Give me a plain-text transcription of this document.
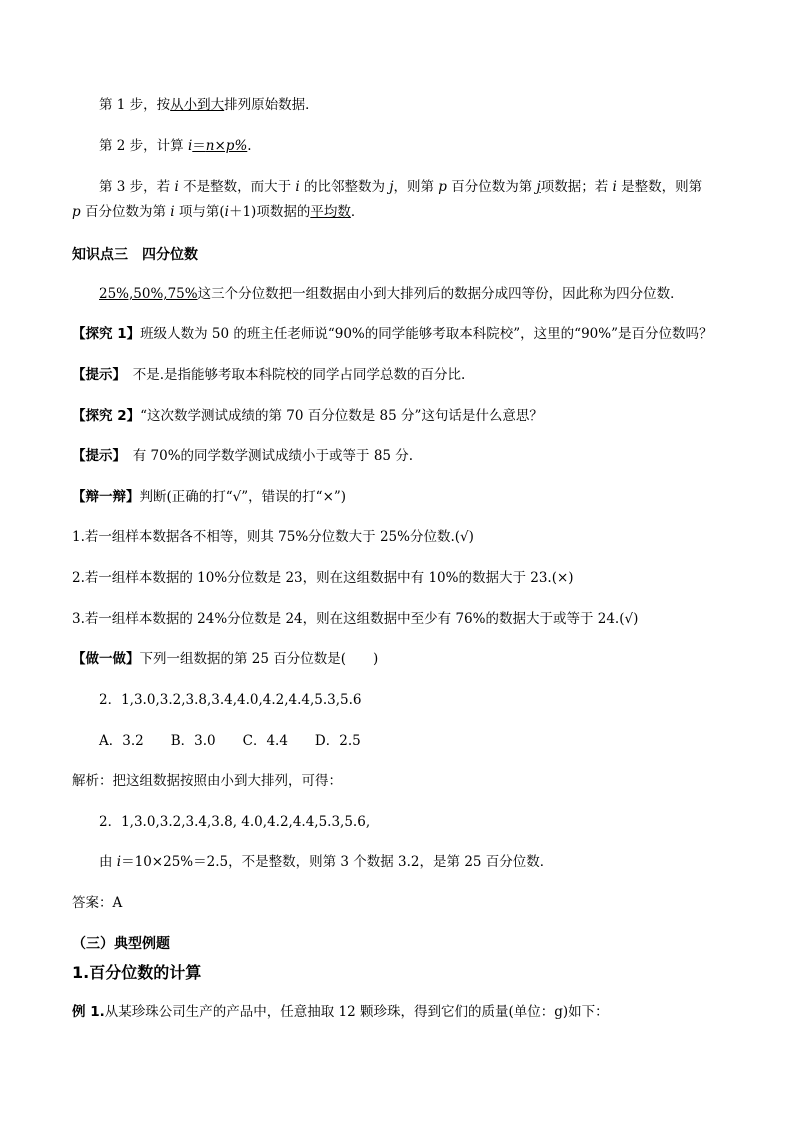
第 1 步，按从小到大排列原始数据．
第 2 步，计算 i＝n×p%.
第 3 步，若 i 不是整数，而大于 i 的比邻整数为 j，则第 p 百分位数为第 j项数据；若 i 是整数，则第
p 百分位数为第 i 项与第(i＋1)项数据的平均数．
知识点三　四分位数
25%,50%,75%这三个分位数把一组数据由小到大排列后的数据分成四等份，因此称为四分位数．
【探究 1】班级人数为 50 的班主任老师说“90%的同学能够考取本科院校”，这里的“90%”是百分位数吗？
【提示】　不是.是指能够考取本科院校的同学占同学总数的百分比.
【探究 2】“这次数学测试成绩的第 70 百分位数是 85 分”这句话是什么意思？
【提示】　有 70%的同学数学测试成绩小于或等于 85 分.
【辩一辩】判断(正确的打“√”，错误的打“×”)
1.若一组样本数据各不相等，则其 75%分位数大于 25%分位数.(√)
2.若一组样本数据的 10%分位数是 23，则在这组数据中有 10%的数据大于 23.(×)
3.若一组样本数据的 24%分位数是 24，则在这组数据中至少有 76%的数据大于或等于 24.(√)
【做一做】下列一组数据的第 25 百分位数是(　　)
2．1,3.0,3.2,3.8,3.4,4.0,4.2,4.4,5.3,5.6
A．3.2　　B．3.0　　C．4.4　　D．2.5
解析：把这组数据按照由小到大排列，可得：
2．1,3.0,3.2,3.4,3.8, 4.0,4.2,4.4,5.3,5.6,
由 i＝10×25%＝2.5，不是整数，则第 3 个数据 3.2，是第 25 百分位数．
答案：A
（三）典型例题
1.百分位数的计算
例 1.从某珍珠公司生产的产品中，任意抽取 12 颗珍珠，得到它们的质量(单位：g)如下：
